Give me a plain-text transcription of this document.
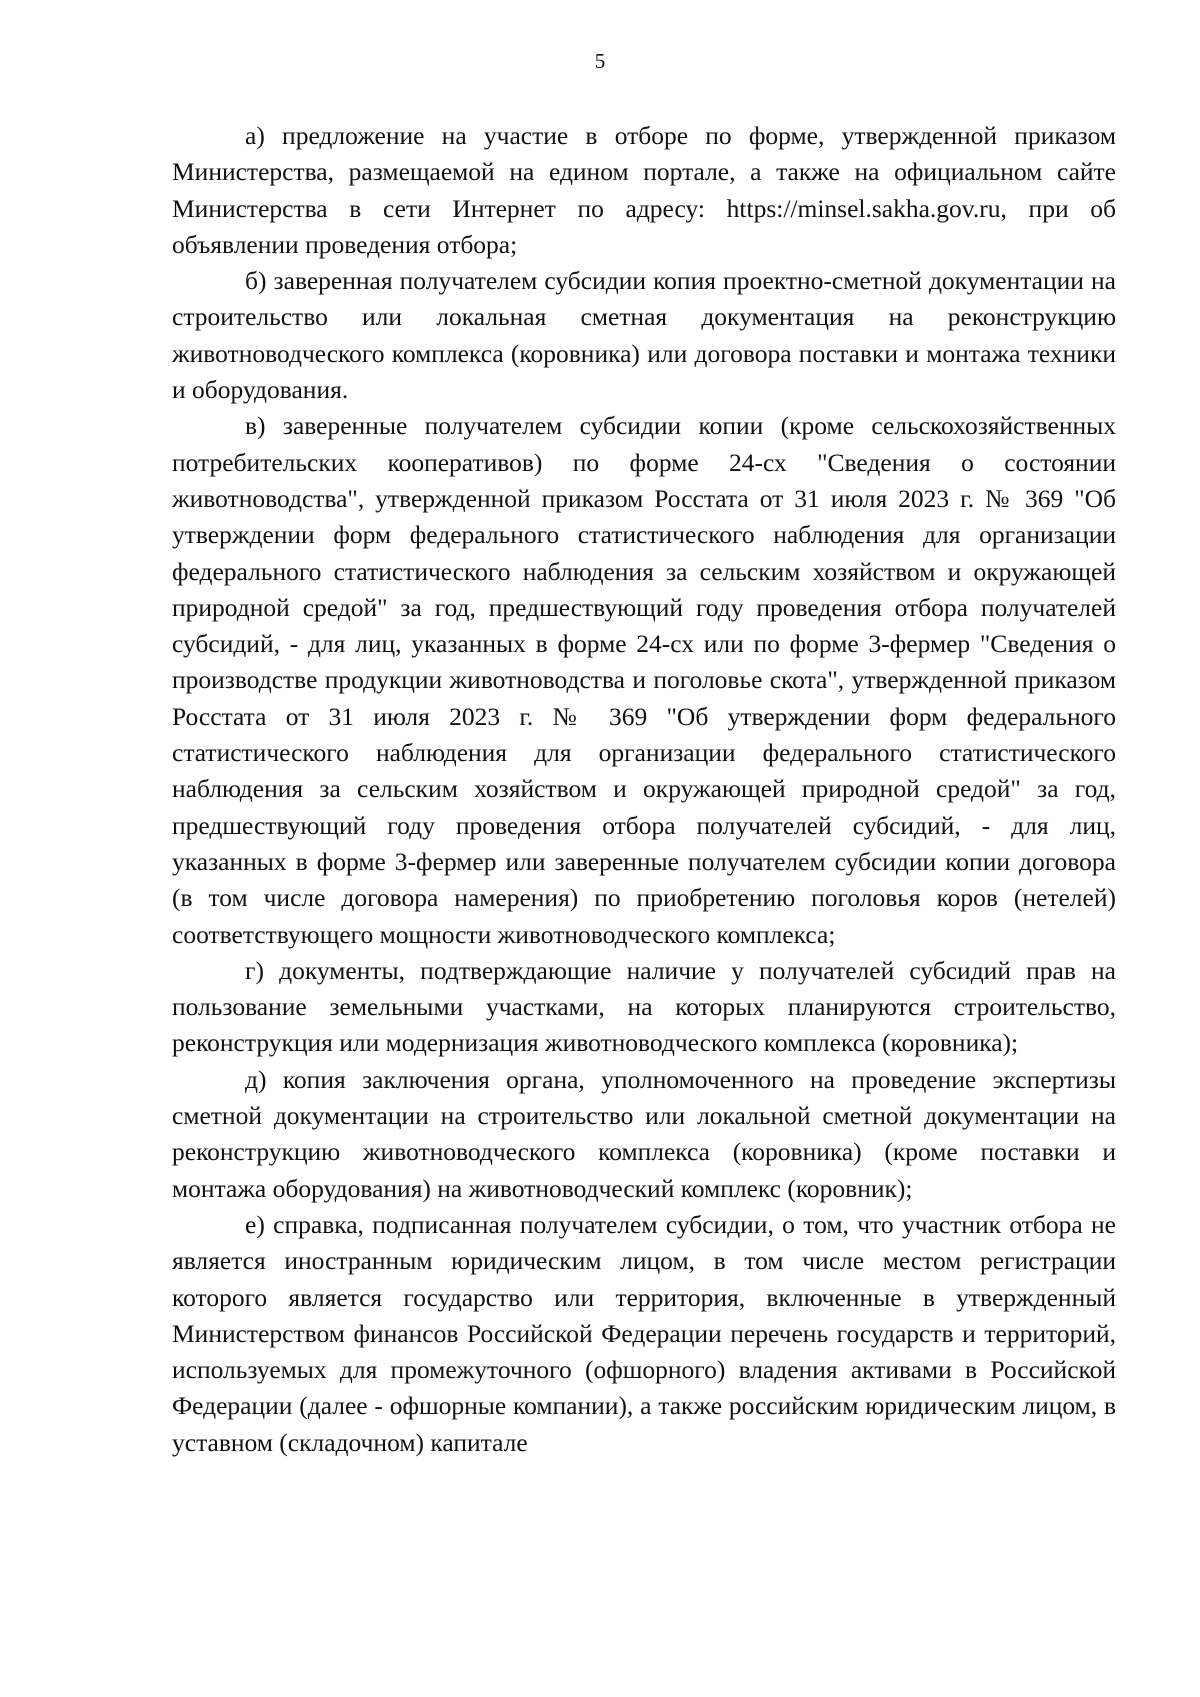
5

а) предложение на участие в отборе по форме, утвержденной приказом Министерства, размещаемой на едином портале, а также на официальном сайте Министерства в сети Интернет по адресу: https://minsel.sakha.gov.ru, при об объявлении проведения отбора;

б) заверенная получателем субсидии копия проектно-сметной документации на строительство или локальная сметная документация на реконструкцию животноводческого комплекса (коровника) или договора поставки и монтажа техники и оборудования.

в) заверенные получателем субсидии копии (кроме сельскохозяйственных потребительских кооперативов) по форме 24-сх "Сведения о состоянии животноводства", утвержденной приказом Росстата от 31 июля 2023 г. № 369 "Об утверждении форм федерального статистического наблюдения для организации федерального статистического наблюдения за сельским хозяйством и окружающей природной средой" за год, предшествующий году проведения отбора получателей субсидий, - для лиц, указанных в форме 24-сх или по форме 3-фермер "Сведения о производстве продукции животноводства и поголовье скота", утвержденной приказом Росстата от 31 июля 2023 г. № 369 "Об утверждении форм федерального статистического наблюдения для организации федерального статистического наблюдения за сельским хозяйством и окружающей природной средой" за год, предшествующий году проведения отбора получателей субсидий, - для лиц, указанных в форме 3-фермер или заверенные получателем субсидии копии договора (в том числе договора намерения) по приобретению поголовья коров (нетелей) соответствующего мощности животноводческого комплекса;

г) документы, подтверждающие наличие у получателей субсидий прав на пользование земельными участками, на которых планируются строительство, реконструкция или модернизация животноводческого комплекса (коровника);

д) копия заключения органа, уполномоченного на проведение экспертизы сметной документации на строительство или локальной сметной документации на реконструкцию животноводческого комплекса (коровника) (кроме поставки и монтажа оборудования) на животноводческий комплекс (коровник);

е) справка, подписанная получателем субсидии, о том, что участник отбора не является иностранным юридическим лицом, в том числе местом регистрации которого является государство или территория, включенные в утвержденный Министерством финансов Российской Федерации перечень государств и территорий, используемых для промежуточного (офшорного) владения активами в Российской Федерации (далее - офшорные компании), а также российским юридическим лицом, в уставном (складочном) капитале
